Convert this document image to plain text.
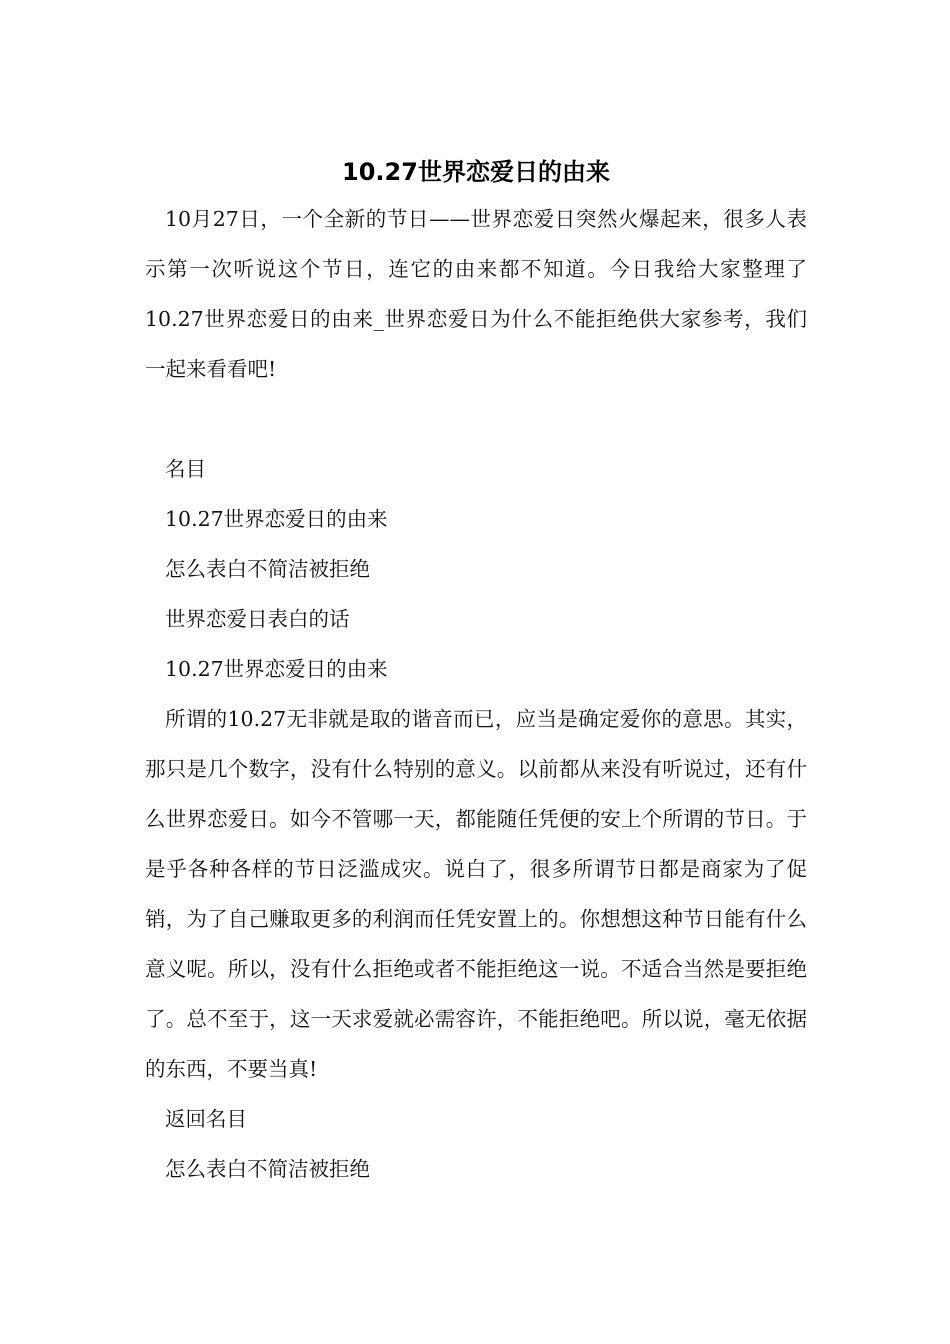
10.27世界恋爱日的由来

10月27日，一个全新的节日——世界恋爱日突然火爆起来，很多人表示第一次听说这个节日，连它的由来都不知道。今日我给大家整理了10.27世界恋爱日的由来_世界恋爱日为什么不能拒绝供大家参考，我们一起来看看吧!

名目

10.27世界恋爱日的由来

怎么表白不简洁被拒绝

世界恋爱日表白的话

10.27世界恋爱日的由来

所谓的10.27无非就是取的谐音而已，应当是确定爱你的意思。其实，那只是几个数字，没有什么特别的意义。以前都从来没有听说过，还有什么世界恋爱日。如今不管哪一天，都能随任凭便的安上个所谓的节日。于是乎各种各样的节日泛滥成灾。说白了，很多所谓节日都是商家为了促销，为了自己赚取更多的利润而任凭安置上的。你想想这种节日能有什么意义呢。所以，没有什么拒绝或者不能拒绝这一说。不适合当然是要拒绝了。总不至于，这一天求爱就必需容许，不能拒绝吧。所以说，毫无依据的东西，不要当真!

返回名目

怎么表白不简洁被拒绝
